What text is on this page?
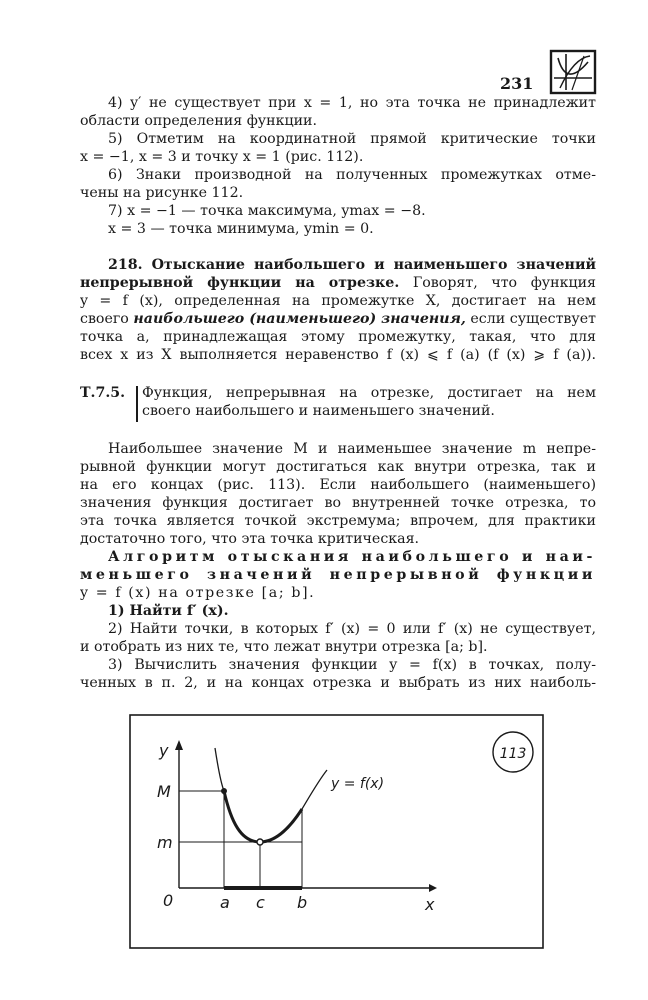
231
4) y′ не существует при x = 1, но эта точка не принадлежит
области определения функции.
5) Отметим на координатной прямой критические точки
x = −1, x = 3 и точку x = 1 (рис. 112).
6) Знаки производной на полученных промежутках отме-
чены на рисунке 112.
7) x = −1 — точка максимума, ymax = −8.
x = 3 — точка минимума, ymin = 0.
218. Отыскание наибольшего и наименьшего значений
непрерывной функции на отрезке. Говорят, что функция
y = f (x), определенная на промежутке X, достигает на нем
своего наибольшего (наименьшего) значения, если существует
точка a, принадлежащая этому промежутку, такая, что для
всех x из X выполняется неравенство f (x) ⩽ f (a) (f (x) ⩾ f (a)).
Т.7.5. Функция, непрерывная на отрезке, достигает на нем
своего наибольшего и наименьшего значений.
Наибольшее значение M и наименьшее значение m непре-
рывной функции могут достигаться как внутри отрезка, так и
на его концах (рис. 113). Если наибольшего (наименьшего)
значения функция достигает во внутренней точке отрезка, то
эта точка является точкой экстремума; впрочем, для практики
достаточно того, что эта точка критическая.
Алгоритм отыскания наибольшего и наи-
меньшего значений непрерывной функции
y = f (x) на отрезке [a; b].
1) Найти f′ (x).
2) Найти точки, в которых f′ (x) = 0 или f′ (x) не существует,
и отобрать из них те, что лежат внутри отрезка [a; b].
3) Вычислить значения функции y = f(x) в точках, полу-
ченных в п. 2, и на концах отрезка и выбрать из них наиболь-
113
y
x
0
M
m
a c b
y = f(x)
